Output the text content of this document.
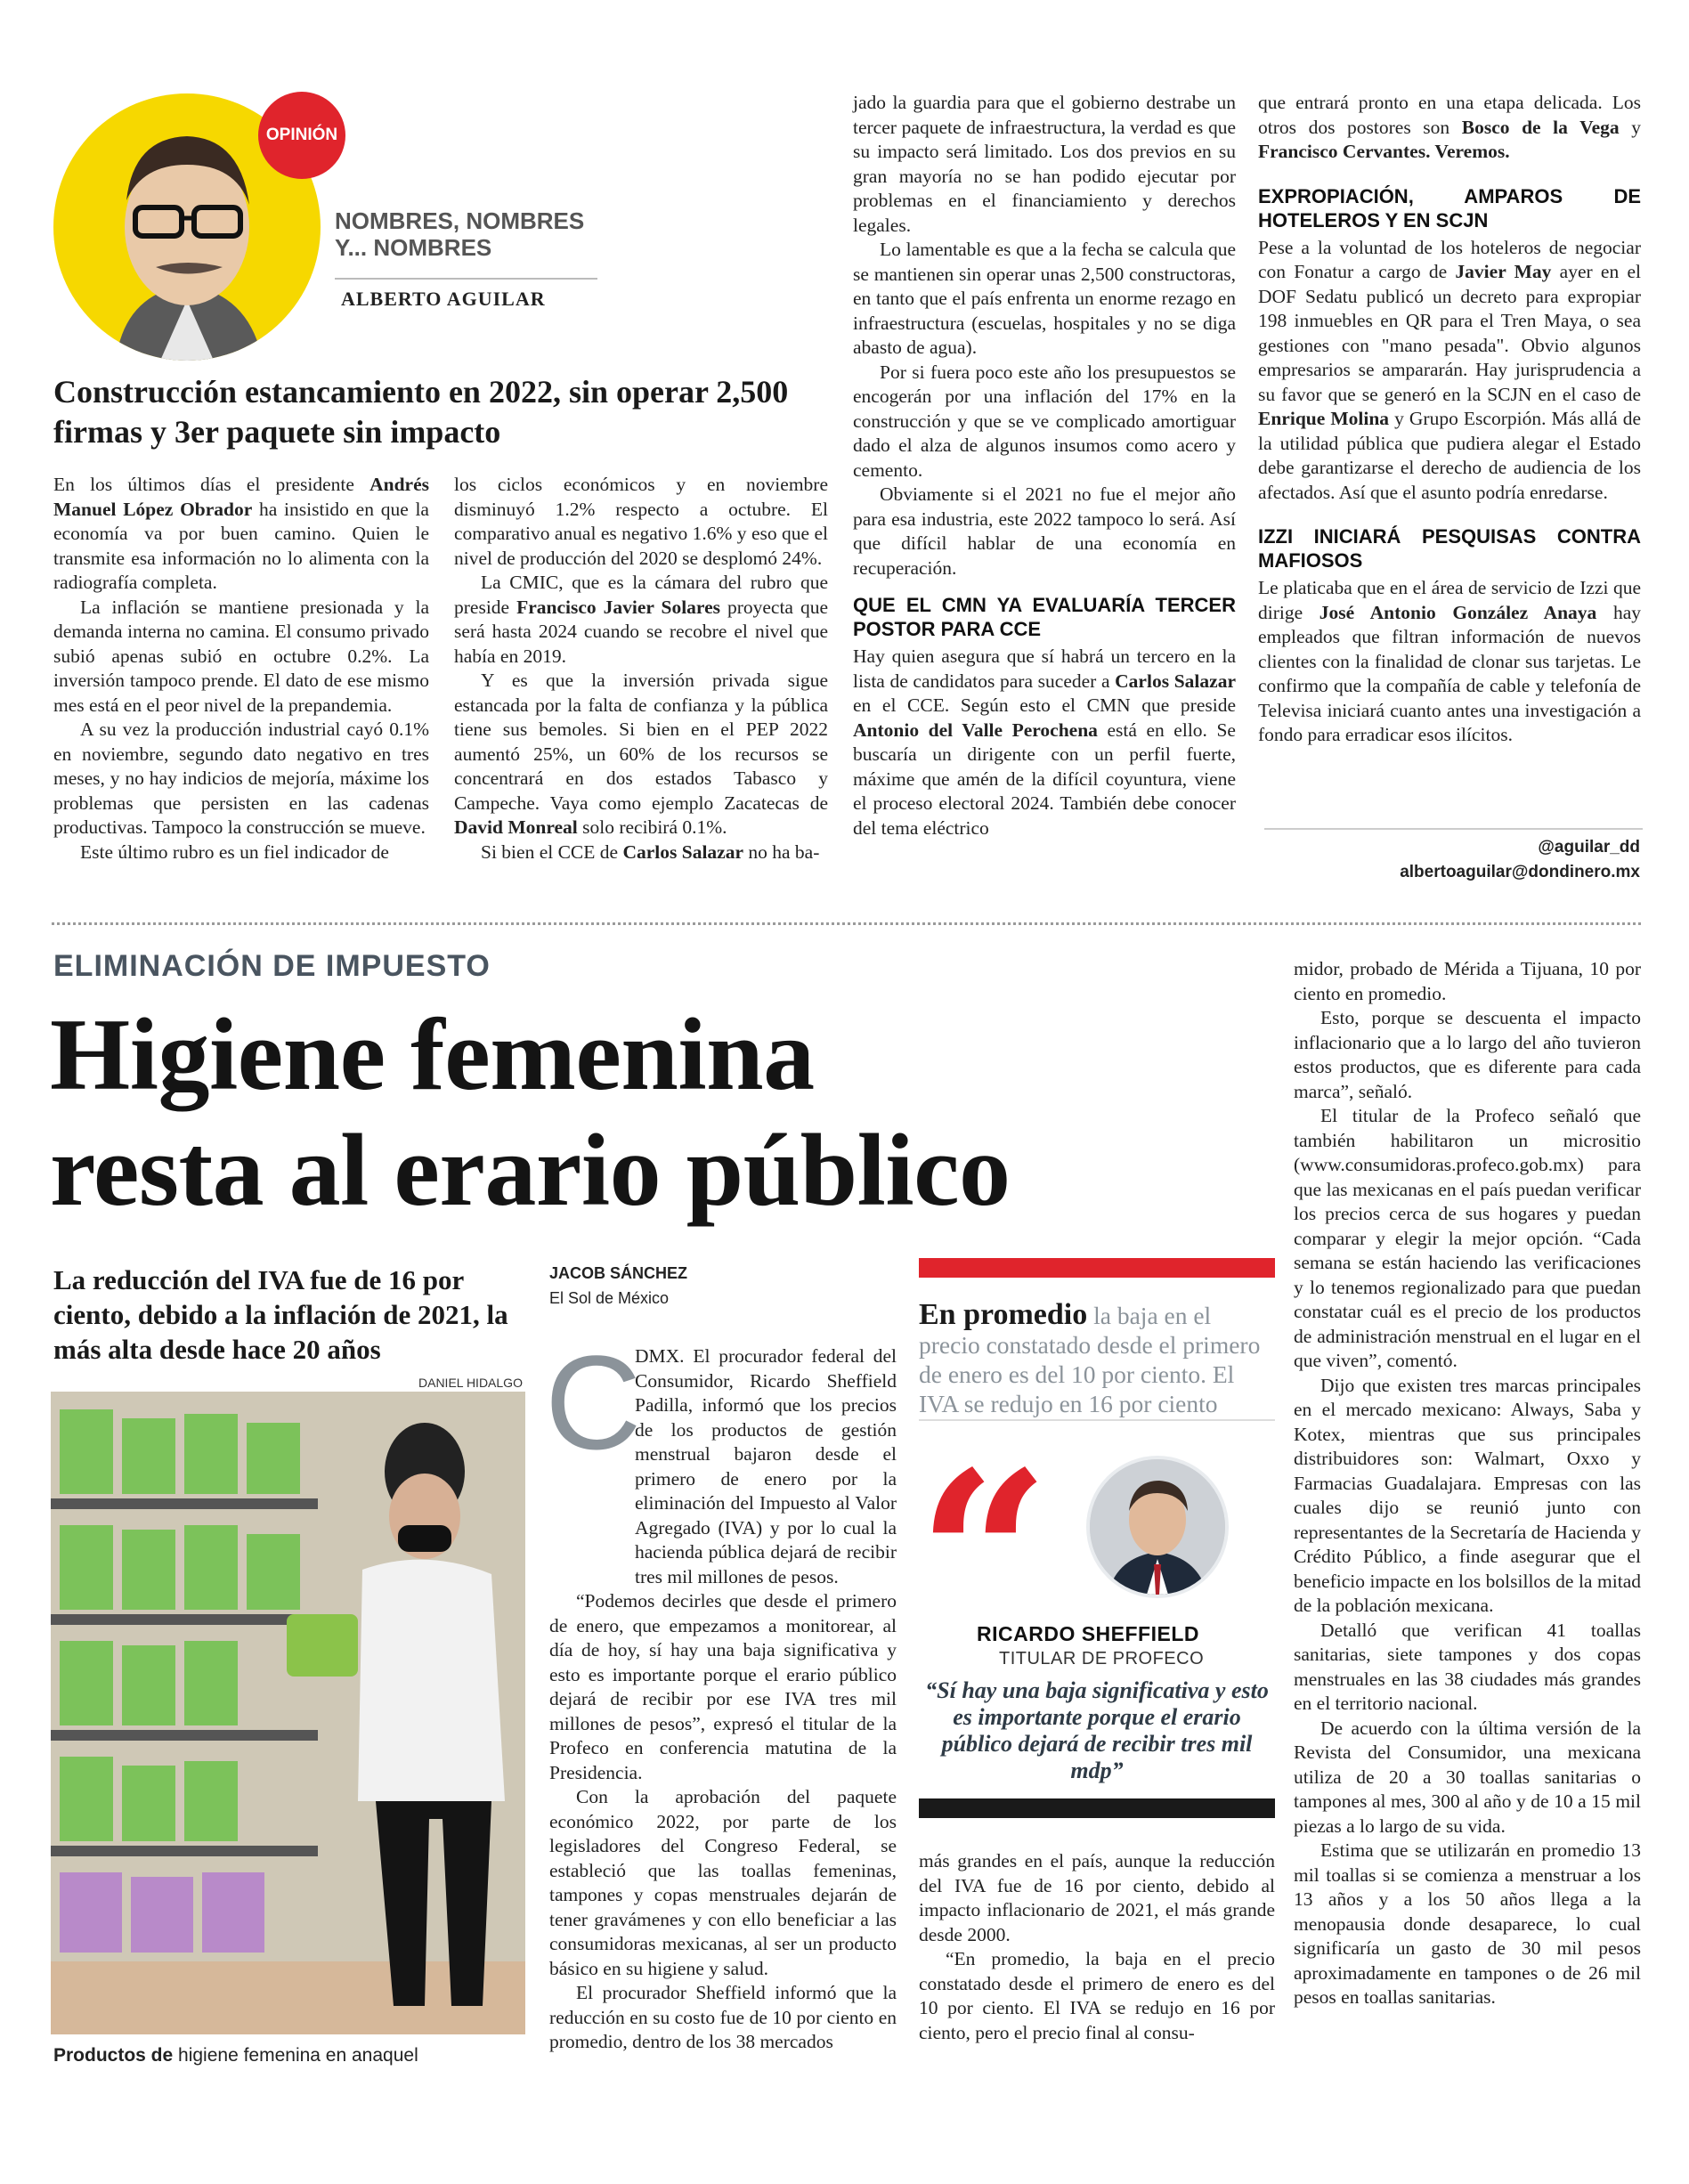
OPINIÓN
NOMBRES, NOMBRES
Y... NOMBRES
ALBERTO AGUILAR
Construcción estancamiento en 2022, sin operar 2,500 firmas y 3er paquete sin impacto

En los últimos días el presidente Andrés Manuel López Obrador ha insistido en que la economía va por buen camino. Quien le transmite esa información no lo alimenta con la radiografía completa.

La inflación se mantiene presionada y la demanda interna no camina. El consumo privado subió apenas subió en octubre 0.2%. La inversión tampoco prende. El dato de ese mismo mes está en el peor nivel de la prepandemia.

A su vez la producción industrial cayó 0.1% en noviembre, segundo dato negativo en tres meses, y no hay indicios de mejoría, máxime los problemas que persisten en las cadenas productivas. Tampoco la construcción se mueve.

Este último rubro es un fiel indicador de

los ciclos económicos y en noviembre disminuyó 1.2% respecto a octubre. El comparativo anual es negativo 1.6% y eso que el nivel de producción del 2020 se desplomó 24%.

La CMIC, que es la cámara del rubro que preside Francisco Javier Solares proyecta que será hasta 2024 cuando se recobre el nivel que había en 2019.

Y es que la inversión privada sigue estancada por la falta de confianza y la pública tiene sus bemoles. Si bien en el PEP 2022 aumentó 25%, un 60% de los recursos se concentrará en dos estados Tabasco y Campeche. Vaya como ejemplo Zacatecas de David Monreal solo recibirá 0.1%.

Si bien el CCE de Carlos Salazar no ha ba-

jado la guardia para que el gobierno destrabe un tercer paquete de infraestructura, la verdad es que su impacto será limitado. Los dos previos en su gran mayoría no se han podido ejecutar por problemas en el financiamiento y derechos legales.

Lo lamentable es que a la fecha se calcula que se mantienen sin operar unas 2,500 constructoras, en tanto que el país enfrenta un enorme rezago en infraestructura (escuelas, hospitales y no se diga abasto de agua).

Por si fuera poco este año los presupuestos se encogerán por una inflación del 17% en la construcción y que se ve complicado amortiguar dado el alza de algunos insumos como acero y cemento.

Obviamente si el 2021 no fue el mejor año para esa industria, este 2022 tampoco lo será. Así que difícil hablar de una economía en recuperación.

QUE EL CMN YA EVALUARÍA TERCER POSTOR PARA CCE

Hay quien asegura que sí habrá un tercero en la lista de candidatos para suceder a Carlos Salazar en el CCE. Según esto el CMN que preside Antonio del Valle Perochena está en ello. Se buscaría un dirigente con un perfil fuerte, máxime que amén de la difícil coyuntura, viene el proceso electoral 2024. También debe conocer del tema eléctrico

que entrará pronto en una etapa delicada. Los otros dos postores son Bosco de la Vega y Francisco Cervantes. Veremos.

EXPROPIACIÓN, AMPAROS DE HOTELEROS Y EN SCJN

Pese a la voluntad de los hoteleros de negociar con Fonatur a cargo de Javier May ayer en el DOF Sedatu publicó un decreto para expropiar 198 inmuebles en QR para el Tren Maya, o sea gestiones con "mano pesada". Obvio algunos empresarios se ampararán. Hay jurisprudencia a su favor que se generó en la SCJN en el caso de Enrique Molina y Grupo Escorpión. Más allá de la utilidad pública que pudiera alegar el Estado debe garantizarse el derecho de audiencia de los afectados. Así que el asunto podría enredarse.

IZZI INICIARÁ PESQUISAS CONTRA MAFIOSOS

Le platicaba que en el área de servicio de Izzi que dirige José Antonio González Anaya hay empleados que filtran información de nuevos clientes con la finalidad de clonar sus tarjetas. Le confirmo que la compañía de cable y telefonía de Televisa iniciará cuanto antes una investigación a fondo para erradicar esos ilícitos.

@aguilar_dd
albertoaguilar@dondinero.mx
ELIMINACIÓN DE IMPUESTO
Higiene femenina
resta al erario público
La reducción del IVA fue de 16 por ciento, debido a la inflación de 2021, la más alta desde hace 20 años
JACOB SÁNCHEZ
El Sol de México
DANIEL HIDALGO
Productos de higiene femenina en anaquel
C

DMX. El procurador federal del Consumidor, Ricardo Sheffield Padilla, informó que los precios de los productos de gestión menstrual bajaron desde el primero de enero por la eliminación del Impuesto al Valor Agregado (IVA) y por lo cual la hacienda pública dejará de recibir tres mil millones de pesos.

“Podemos decirles que desde el primero de enero, que empezamos a monitorear, al día de hoy, sí hay una baja significativa y esto es importante porque el erario público dejará de recibir por ese IVA tres mil millones de pesos”, expresó el titular de la Profeco en conferencia matutina de la Presidencia.

Con la aprobación del paquete económico 2022, por parte de los legisladores del Congreso Federal, se estableció que las toallas femeninas, tampones y copas menstruales dejarán de tener gravámenes y con ello beneficiar a las consumidoras mexicanas, al ser un producto básico en su higiene y salud.

El procurador Sheffield informó que la reducción en su costo fue de 10 por ciento en promedio, dentro de los 38 mercados

En promedio la baja en el precio constatado desde el primero de enero es del 10 por ciento. El IVA se redujo en 16 por ciento
“
RICARDO SHEFFIELD
TITULAR DE PROFECO
“Sí hay una baja significativa y esto es importante porque el erario público dejará de recibir tres mil mdp”

más grandes en el país, aunque la reducción del IVA fue de 16 por ciento, debido al impacto inflacionario de 2021, el más grande desde 2000.

“En promedio, la baja en el precio constatado desde el primero de enero es del 10 por ciento. El IVA se redujo en 16 por ciento, pero el precio final al consu-

midor, probado de Mérida a Tijuana, 10 por ciento en promedio.

Esto, porque se descuenta el impacto inflacionario que a lo largo del año tuvieron estos productos, que es diferente para cada marca”, señaló.

El titular de la Profeco señaló que también habilitaron un micrositio (www.consumidoras.profeco.gob.mx) para que las mexicanas en el país puedan verificar los precios cerca de sus hogares y puedan comparar y elegir la mejor opción. “Cada semana se están haciendo las verificaciones y lo tenemos regionalizado para que puedan constatar cuál es el precio de los productos de administración menstrual en el lugar en el que viven”, comentó.

Dijo que existen tres marcas principales en el mercado mexicano: Always, Saba y Kotex, mientras que sus principales distribuidores son: Walmart, Oxxo y Farmacias Guadalajara. Empresas con las cuales dijo se reunió junto con representantes de la Secretaría de Hacienda y Crédito Público, a finde asegurar que el beneficio impacte en los bolsillos de la mitad de la población mexicana.

Detalló que verifican 41 toallas sanitarias, siete tampones y dos copas menstruales en las 38 ciudades más grandes en el territorio nacional.

De acuerdo con la última versión de la Revista del Consumidor, una mexicana utiliza de 20 a 30 toallas sanitarias o tampones al mes, 300 al año y de 10 a 15 mil piezas a lo largo de su vida.

Estima que se utilizarán en promedio 13 mil toallas si se comienza a menstruar a los 13 años y a los 50 años llega a la menopausia donde desaparece, lo cual significaría un gasto de 30 mil pesos aproximadamente en tampones o de 26 mil pesos en toallas sanitarias.
